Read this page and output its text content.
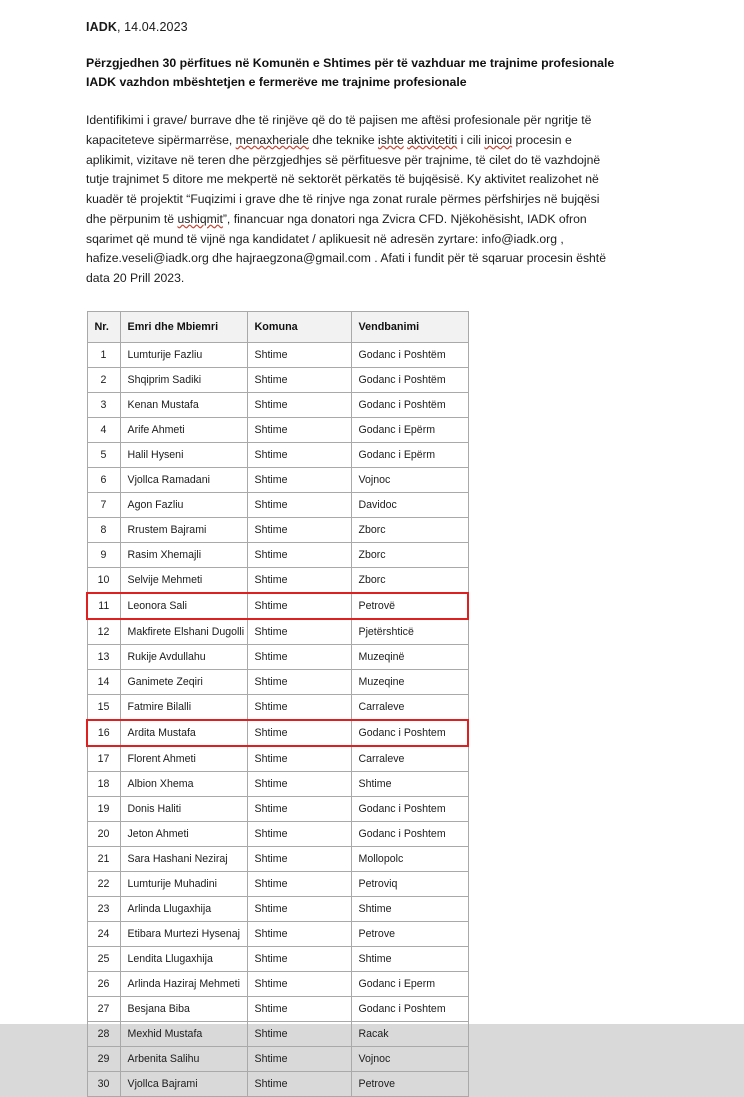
IADK, 14.04.2023
Përzgjedhen 30 përfitues në Komunën e Shtimes për të vazhduar me trajnime profesionale IADK vazhdon mbështetjen e fermerëve me trajnime profesionale
Identifikimi i grave/ burrave dhe të rinjëve që do të pajisen me aftësi profesionale për ngritje të kapaciteteve sipërmarrëse, menaxheriale dhe teknike ishte aktivitetiti i cili inicoi procesin e aplikimit, vizitave në teren dhe përzgjedhjes së përfituesve për trajnime, të cilet do të vazhdojnë tutje trajnimet 5 ditore me mekpertë në sektorët përkatës të bujqësisë. Ky aktivitet realizohet në kuadër të projektit “Fuqizimi i grave dhe të rinjve nga zonat rurale përmes përfshirjes në bujqësi dhe përpunim të ushiqmit”, financuar nga donatori nga Zvicra CFD. Njëkohësisht, IADK ofron sqarimet që mund të vijnë nga kandidatet / aplikuesit në adresën zyrtare: info@iadk.org , hafize.veseli@iadk.org dhe hajraegzona@gmail.com . Afati i fundit për të sqaruar procesin është data 20 Prill 2023.
Nr.	Emri dhe Mbiemri	Komuna	Vendbanimi
1	Lumturije Fazliu	Shtime	Godanc i Poshtëm
2	Shqiprim Sadiki	Shtime	Godanc i Poshtëm
3	Kenan Mustafa	Shtime	Godanc i Poshtëm
4	Arife Ahmeti	Shtime	Godanc i Epërm
5	Halil Hyseni	Shtime	Godanc i Epërm
6	Vjollca Ramadani	Shtime	Vojnoc
7	Agon Fazliu	Shtime	Davidoc
8	Rrustem Bajrami	Shtime	Zborc
9	Rasim Xhemajli	Shtime	Zborc
10	Selvije Mehmeti	Shtime	Zborc
11	Leonora Sali	Shtime	Petrovë
12	Makfirete Elshani Dugolli	Shtime	Pjetërshticë
13	Rukije Avdullahu	Shtime	Muzeqinë
14	Ganimete Zeqiri	Shtime	Muzeqine
15	Fatmire Bilalli	Shtime	Carraleve
16	Ardita Mustafa	Shtime	Godanc i Poshtem
17	Florent Ahmeti	Shtime	Carraleve
18	Albion Xhema	Shtime	Shtime
19	Donis Haliti	Shtime	Godanc i Poshtem
20	Jeton Ahmeti	Shtime	Godanc i Poshtem
21	Sara Hashani Neziraj	Shtime	Mollopolc
22	Lumturije Muhadini	Shtime	Petroviq
23	Arlinda Llugaxhija	Shtime	Shtime
24	Etibara Murtezi Hysenaj	Shtime	Petrove
25	Lendita Llugaxhija	Shtime	Shtime
26	Arlinda Haziraj Mehmeti	Shtime	Godanc i Eperm
27	Besjana Biba	Shtime	Godanc i Poshtem
28	Mexhid Mustafa	Shtime	Racak
29	Arbenita Salihu	Shtime	Vojnoc
30	Vjollca Bajrami	Shtime	Petrove
